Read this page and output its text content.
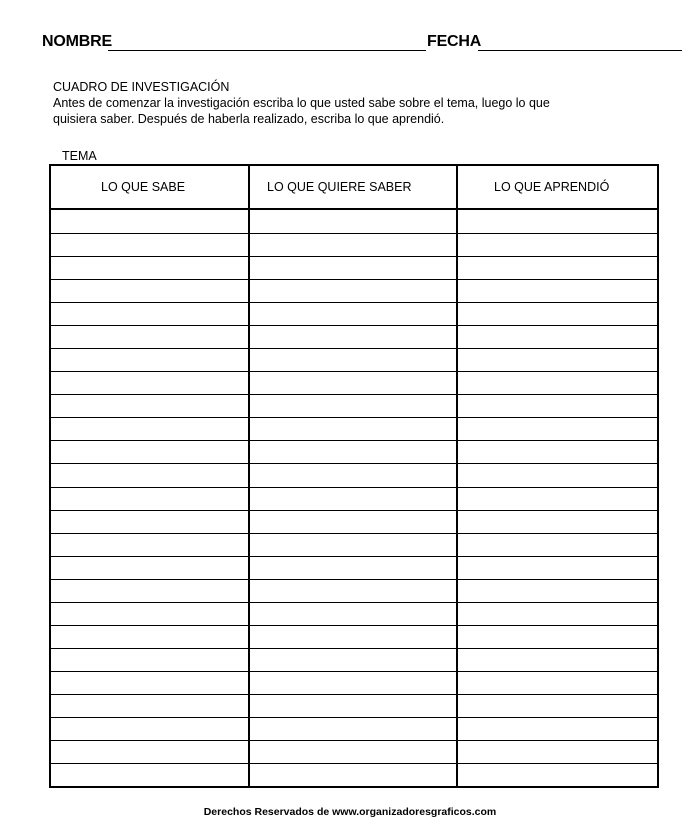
NOMBRE	FECHA
CUADRO DE INVESTIGACIÓN
Antes de comenzar la investigación escriba lo que usted sabe sobre el tema, luego lo que
quisiera saber. Después de haberla realizado, escriba lo que aprendió.
TEMA
LO QUE SABE	LO QUE QUIERE SABER	LO QUE APRENDIÓ
Derechos Reservados de www.organizadoresgraficos.com
